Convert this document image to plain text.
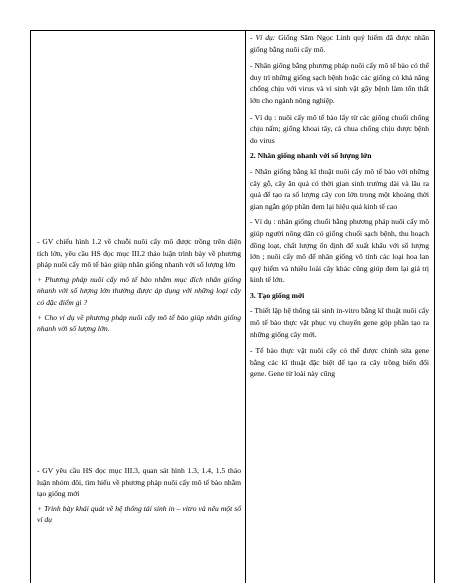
- GV chiếu hình 1.2 về chuỗi nuôi cấy mô được trồng trên diện tích lớn, yêu cầu HS đọc mục III.2 thảo luận trình bày về phương pháp nuôi cấy mô tế bào giúp nhân giống nhanh với số lượng lớn
+ Phương pháp nuôi cấy mô tế bào nhằm mục đích nhân giống nhanh với số lượng lớn thường được áp dụng với những loại cây có đặc điểm gì ?
+ Cho ví dụ về phương pháp nuôi cấy mô tế bào giúp nhân giống nhanh với số lượng lớn.
- GV yêu cầu HS đọc mục III.3, quan sát hình 1.3, 1.4, 1.5 thảo luận nhóm đôi, tìm hiểu về phương pháp nuôi cấy mô tế bào nhằm tạo giống mới
+ Trình bày khái quát về hệ thống tái sinh in – vitro và nêu một số ví dụ
- Ví dụ: Giống Sâm Ngọc Linh quý hiếm đã được nhân giống bằng nuôi cấy mô.
- Nhân giống bằng phương pháp nuôi cấy mô tế bào có thể duy trì những giống sạch bệnh hoặc các giống có khả năng chống chịu với virus và vi sinh vật gây bệnh làm tổn thất lớn cho ngành nông nghiệp.
- Ví dụ : nuôi cấy mô tế bào lấy từ các giống chuối chống chịu nấm; giống khoai tây, cà chua chống chịu được bệnh do virus
2. Nhân giống nhanh với số lượng lớn
- Nhân giống bằng kĩ thuật nuôi cấy mô tế bào với những cây gỗ, cây ăn quả có thời gian sinh trưởng dài và lâu ra quả để tạo ra số lượng cây con lớn trong một khoảng thời gian ngắn góp phần đem lại hiệu quả kinh tế cao
- Ví dụ : nhân giống chuối bằng phương pháp nuôi cấy mô giúp người nông dân có giống chuối sạch bệnh, thu hoạch đồng loạt, chất lượng ổn định để xuất khẩu với số lượng lớn ; nuôi cấy mô để nhân giống vô tính các loại hoa lan quý hiếm và nhiều loài cây khác cũng giúp đem lại giá trị kinh tế lớn.
3. Tạo giống mới
- Thiết lập hệ thống tái sinh in-vitro bằng kĩ thuật nuôi cấy mô tế bào thực vật phục vụ chuyển gene góp phần tạo ra những giống cây mới.
- Tế bào thực vật nuôi cấy có thể được chỉnh sửa gene bằng các kĩ thuật đặc biệt để tạo ra cây trồng biến đổi gene. Gene từ loài này cũng
